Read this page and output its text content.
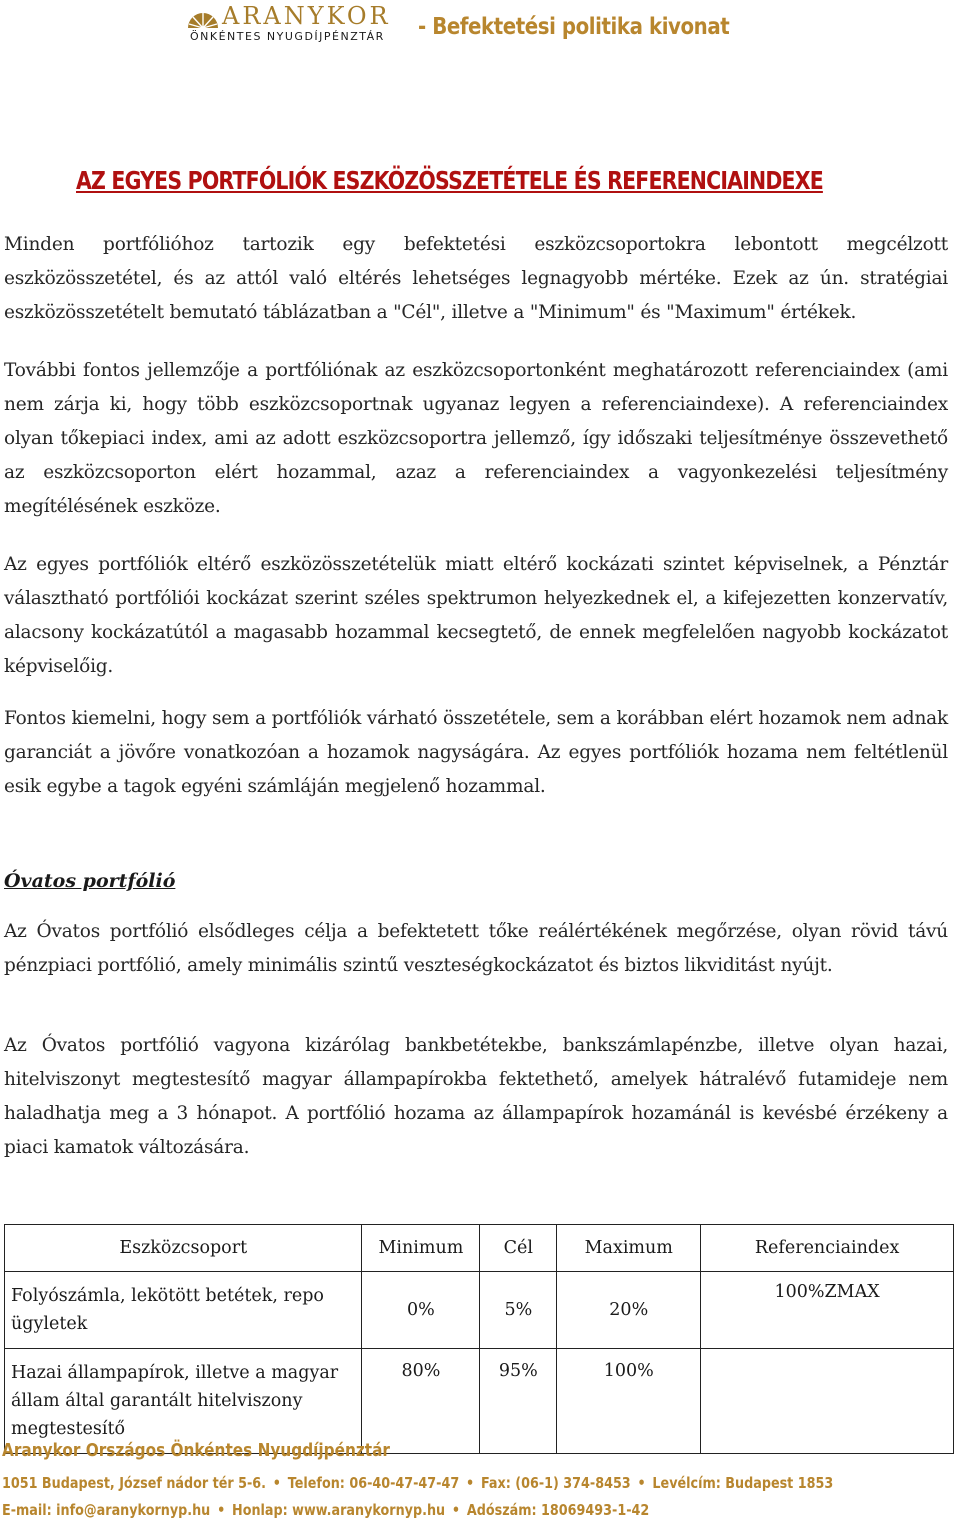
ARANYKOR
ÖNKÉNTES NYUGDÍJPÉNZTÁR - Befektetési politika kivonat
AZ EGYES PORTFÓLIÓK ESZKÖZÖSSZETÉTELE ÉS REFERENCIAINDEXE

Minden portfólióhoz tartozik egy befektetési eszközcsoportokra lebontott megcélzott eszközösszetétel, és az attól való eltérés lehetséges legnagyobb mértéke. Ezek az ún. stratégiai eszközösszetételt bemutató táblázatban a "Cél", illetve a "Minimum" és "Maximum" értékek.

További fontos jellemzője a portfóliónak az eszközcsoportonként meghatározott referenciaindex (ami nem zárja ki, hogy több eszközcsoportnak ugyanaz legyen a referenciaindexe). A referenciaindex olyan tőkepiaci index, ami az adott eszközcsoportra jellemző, így időszaki teljesítménye összevethető az eszközcsoporton elért hozammal, azaz a referenciaindex a vagyonkezelési teljesítmény megítélésének eszköze.

Az egyes portfóliók eltérő eszközösszetételük miatt eltérő kockázati szintet képviselnek, a Pénztár választható portfóliói kockázat szerint széles spektrumon helyezkednek el, a kifejezetten konzervatív, alacsony kockázatútól a magasabb hozammal kecsegtető, de ennek megfelelően nagyobb kockázatot képviselőig.

Fontos kiemelni, hogy sem a portfóliók várható összetétele, sem a korábban elért hozamok nem adnak garanciát a jövőre vonatkozóan a hozamok nagyságára. Az egyes portfóliók hozama nem feltétlenül esik egybe a tagok egyéni számláján megjelenő hozammal.

Óvatos portfólió

Az Óvatos portfólió elsődleges célja a befektetett tőke reálértékének megőrzése, olyan rövid távú pénzpiaci portfólió, amely minimális szintű veszteségkockázatot és biztos likviditást nyújt.

Az Óvatos portfólió vagyona kizárólag bankbetétekbe, bankszámlapénzbe, illetve olyan hazai, hitelviszonyt megtestesítő magyar állampapírokba fektethető, amelyek hátralévő futamideje nem haladhatja meg a 3 hónapot. A portfólió hozama az állampapírok hozamánál is kevésbé érzékeny a piaci kamatok változására.

Eszközcsoport	Minimum	Cél	Maximum	Referenciaindex
Folyószámla, lekötött betétek, repo ügyletek	0%	5%	20%	100%ZMAX
Hazai állampapírok, illetve a magyar állam által garantált hitelviszony megtestesítő	80%	95%	100%	
Aranykor Országos Önkéntes Nyugdíjpénztár
1051 Budapest, József nádor tér 5-6. • Telefon: 06-40-47-47-47 • Fax: (06-1) 374-8453 • Levélcím: Budapest 1853
E-mail: info@aranykornyp.hu • Honlap: www.aranykornyp.hu • Adószám: 18069493-1-42
